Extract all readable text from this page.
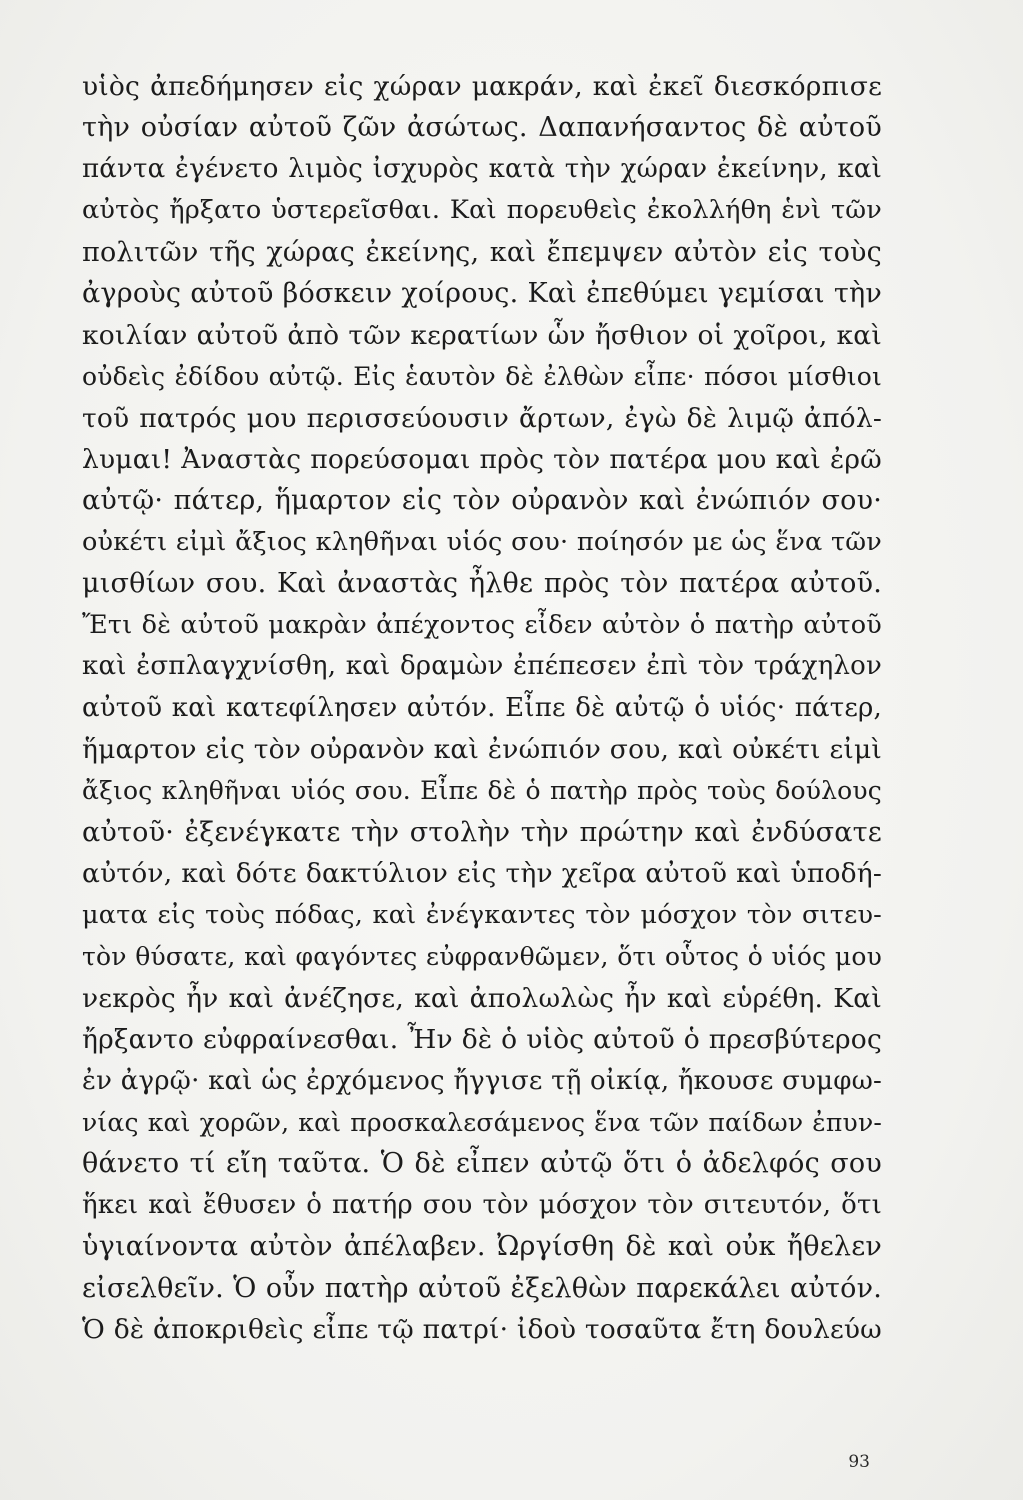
υἱὸς ἀπεδήμησεν εἰς χώραν μακράν, καὶ ἐκεῖ διεσκόρπισε
τὴν οὐσίαν αὐτοῦ ζῶν ἀσώτως. Δαπανήσαντος δὲ αὐτοῦ
πάντα ἐγένετο λιμὸς ἰσχυρὸς κατὰ τὴν χώραν ἐκείνην, καὶ
αὐτὸς ἤρξατο ὑστερεῖσθαι. Καὶ πορευθεὶς ἐκολλήθη ἑνὶ τῶν
πολιτῶν τῆς χώρας ἐκείνης, καὶ ἔπεμψεν αὐτὸν εἰς τοὺς
ἀγροὺς αὐτοῦ βόσκειν χοίρους. Καὶ ἐπεθύμει γεμίσαι τὴν
κοιλίαν αὐτοῦ ἀπὸ τῶν κερατίων ὧν ἤσθιον οἱ χοῖροι, καὶ
οὐδεὶς ἐδίδου αὐτῷ. Εἰς ἑαυτὸν δὲ ἐλθὼν εἶπε· πόσοι μίσθιοι
τοῦ πατρός μου περισσεύουσιν ἄρτων, ἐγὼ δὲ λιμῷ ἀπόλ-
λυμαι! Ἀναστὰς πορεύσομαι πρὸς τὸν πατέρα μου καὶ ἐρῶ
αὐτῷ· πάτερ, ἥμαρτον εἰς τὸν οὐρανὸν καὶ ἐνώπιόν σου·
οὐκέτι εἰμὶ ἄξιος κληθῆναι υἱός σου· ποίησόν με ὡς ἕνα τῶν
μισθίων σου. Καὶ ἀναστὰς ἦλθε πρὸς τὸν πατέρα αὐτοῦ.
Ἔτι δὲ αὐτοῦ μακρὰν ἀπέχοντος εἶδεν αὐτὸν ὁ πατὴρ αὐτοῦ
καὶ ἐσπλαγχνίσθη, καὶ δραμὼν ἐπέπεσεν ἐπὶ τὸν τράχηλον
αὐτοῦ καὶ κατεφίλησεν αὐτόν. Εἶπε δὲ αὐτῷ ὁ υἱός· πάτερ,
ἥμαρτον εἰς τὸν οὐρανὸν καὶ ἐνώπιόν σου, καὶ οὐκέτι εἰμὶ
ἄξιος κληθῆναι υἱός σου. Εἶπε δὲ ὁ πατὴρ πρὸς τοὺς δούλους
αὐτοῦ· ἐξενέγκατε τὴν στολὴν τὴν πρώτην καὶ ἐνδύσατε
αὐτόν, καὶ δότε δακτύλιον εἰς τὴν χεῖρα αὐτοῦ καὶ ὑποδή-
ματα εἰς τοὺς πόδας, καὶ ἐνέγκαντες τὸν μόσχον τὸν σιτευ-
τὸν θύσατε, καὶ φαγόντες εὐφρανθῶμεν, ὅτι οὗτος ὁ υἱός μου
νεκρὸς ἦν καὶ ἀνέζησε, καὶ ἀπολωλὼς ἦν καὶ εὑρέθη. Καὶ
ἤρξαντο εὐφραίνεσθαι. Ἦν δὲ ὁ υἱὸς αὐτοῦ ὁ πρεσβύτερος
ἐν ἀγρῷ· καὶ ὡς ἐρχόμενος ἤγγισε τῇ οἰκίᾳ, ἤκουσε συμφω-
νίας καὶ χορῶν, καὶ προσκαλεσάμενος ἕνα τῶν παίδων ἐπυν-
θάνετο τί εἴη ταῦτα. Ὁ δὲ εἶπεν αὐτῷ ὅτι ὁ ἀδελφός σου
ἥκει καὶ ἔθυσεν ὁ πατήρ σου τὸν μόσχον τὸν σιτευτόν, ὅτι
ὑγιαίνοντα αὐτὸν ἀπέλαβεν. Ὠργίσθη δὲ καὶ οὐκ ἤθελεν
εἰσελθεῖν. Ὁ οὖν πατὴρ αὐτοῦ ἐξελθὼν παρεκάλει αὐτόν.
Ὁ δὲ ἀποκριθεὶς εἶπε τῷ πατρί· ἰδοὺ τοσαῦτα ἔτη δουλεύω
93
